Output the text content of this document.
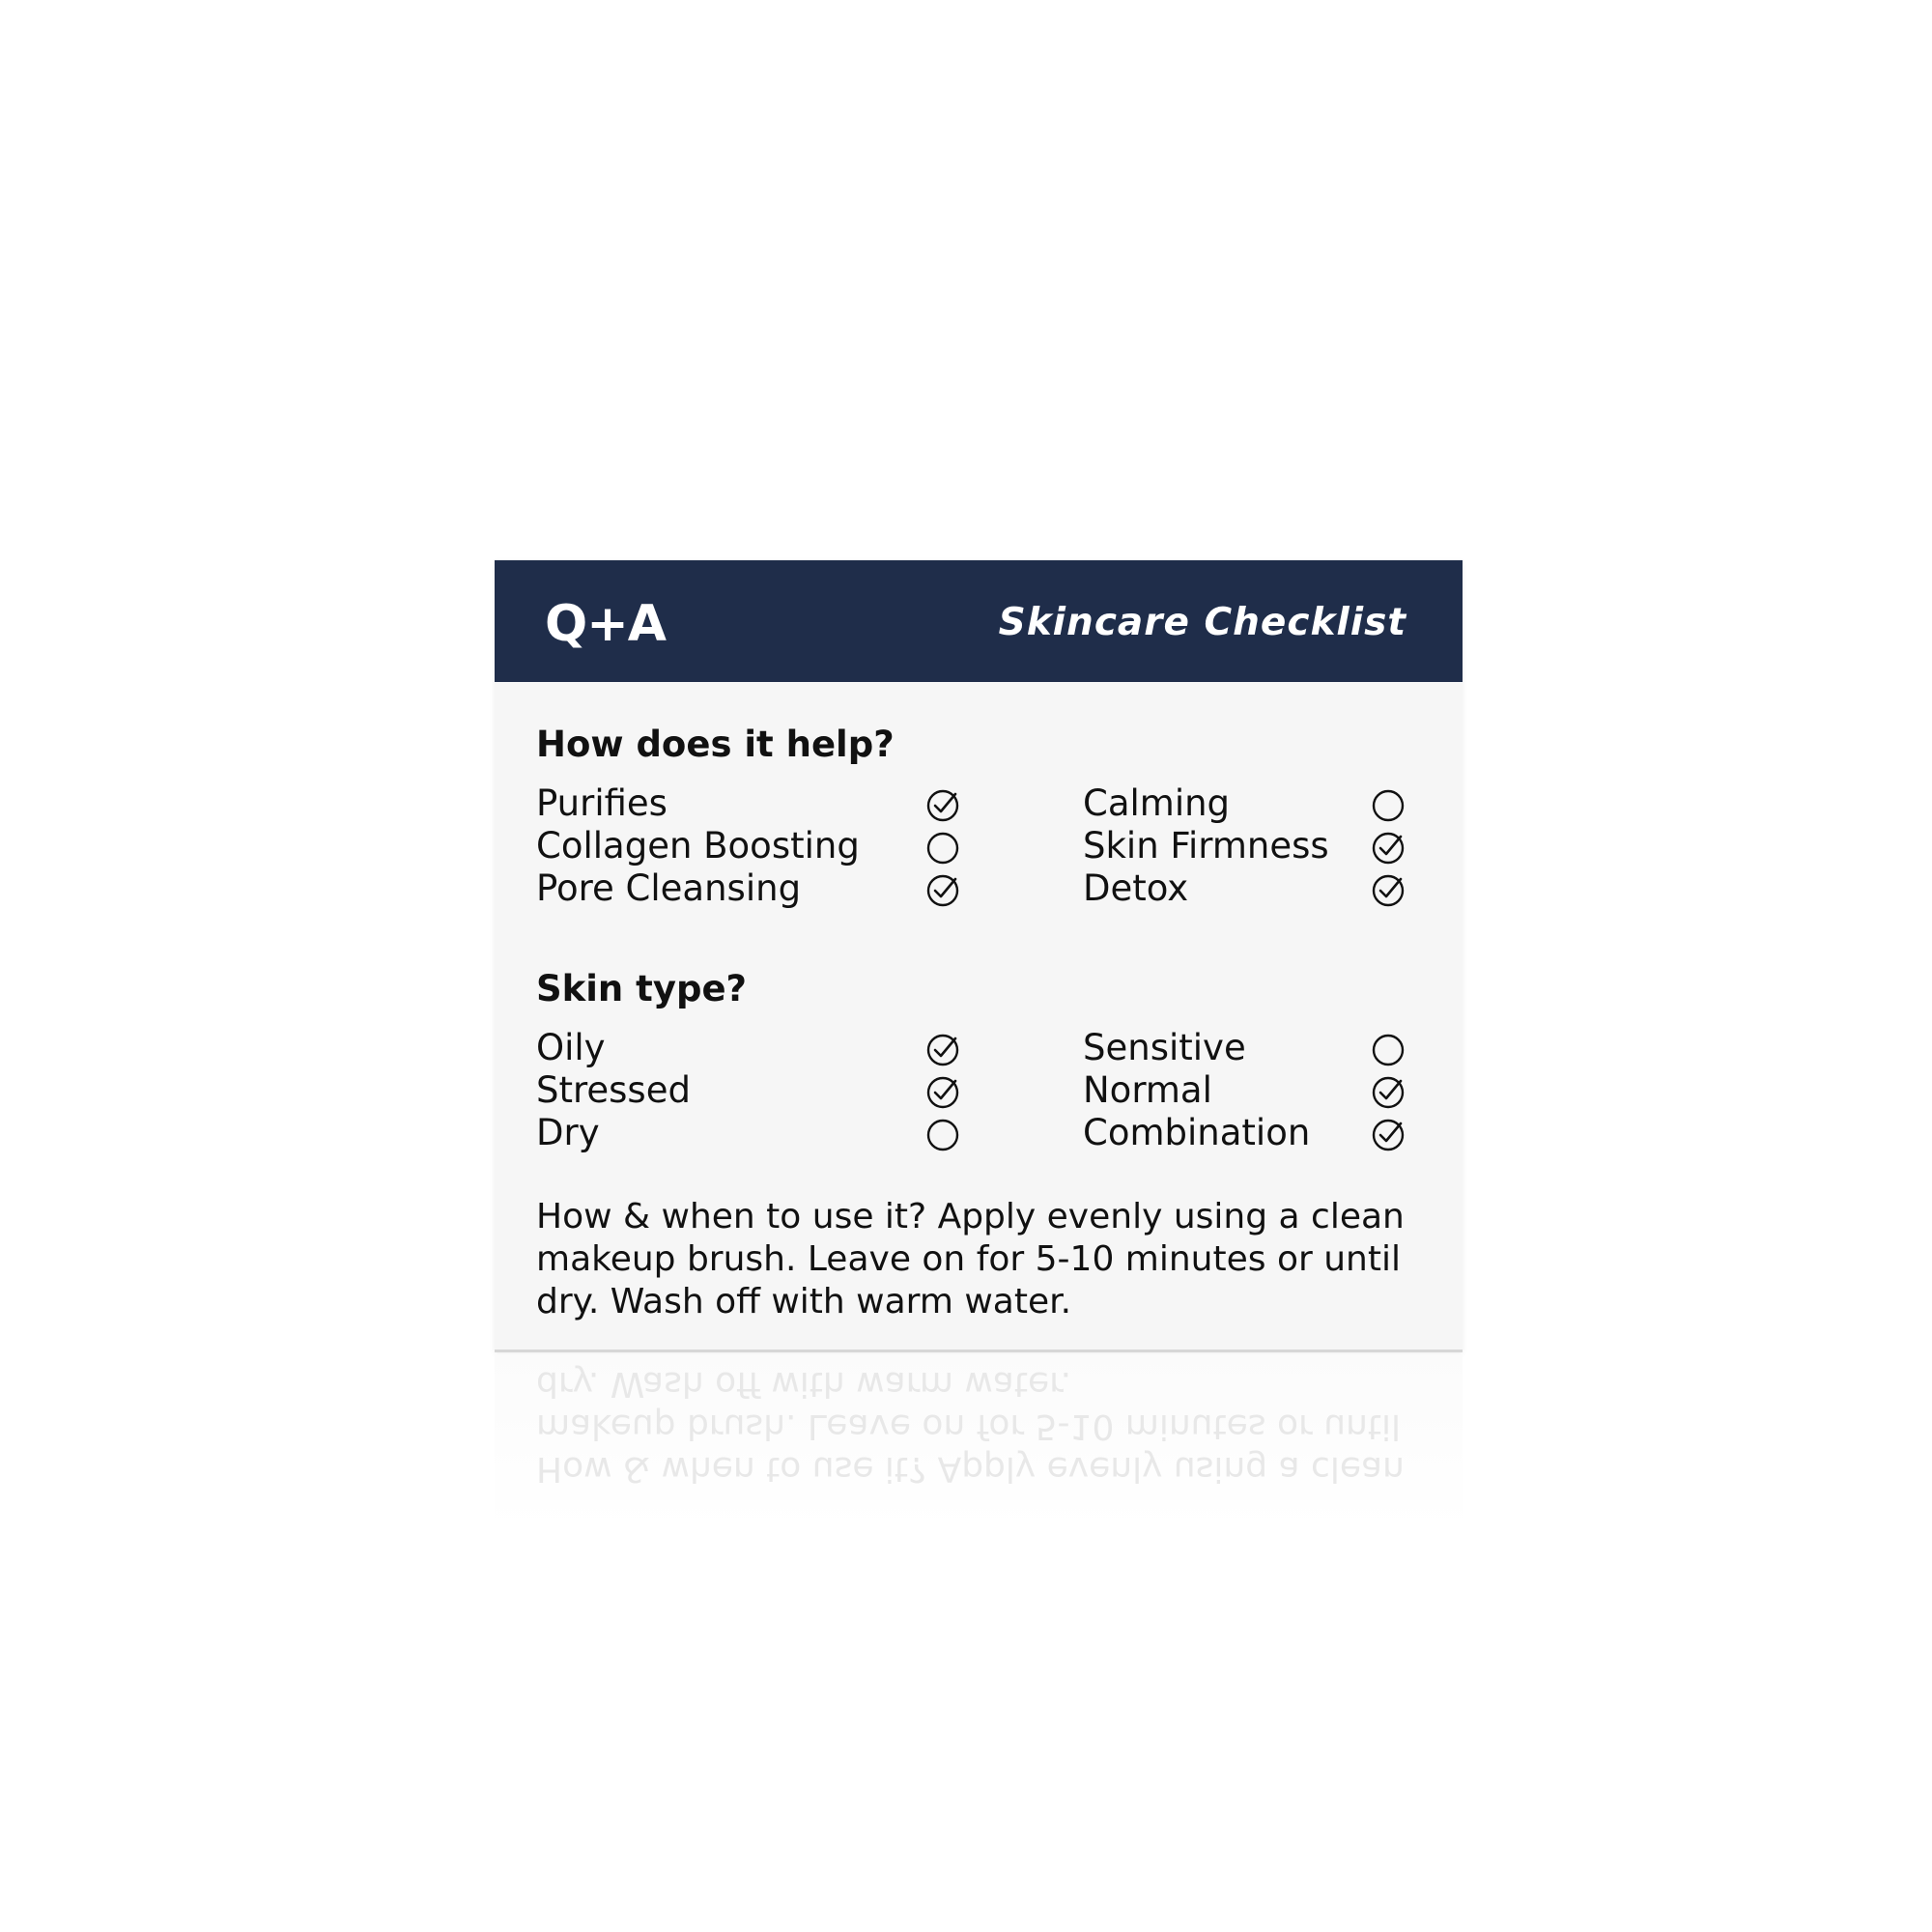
Q+A	Skincare Checklist
How does it help?
Purifies
Collagen Boosting
Pore Cleansing
Calming
Skin Firmness
Detox
Skin type?
Oily
Stressed
Dry
Sensitive
Normal
Combination

How & when to use it? Apply evenly using a clean makeup brush. Leave on for 5-10 minutes or until dry. Wash off with warm water.

How & when to use it? Apply evenly using a clean makeup brush. Leave on for 5-10 minutes or until dry. Wash off with warm water.
